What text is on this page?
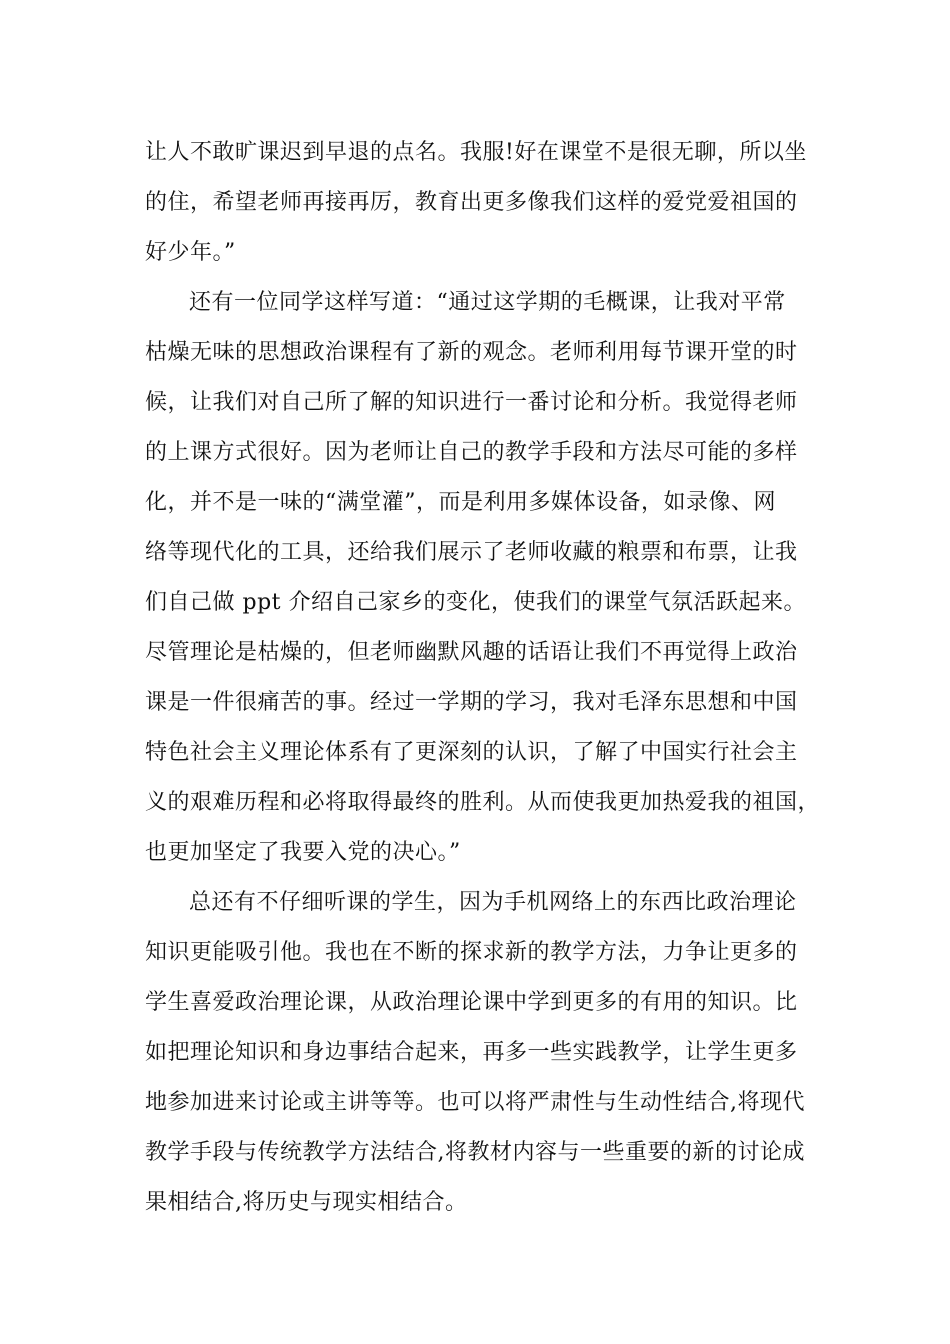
让人不敢旷课迟到早退的点名。我服!好在课堂不是很无聊，所以坐
的住，希望老师再接再厉，教育出更多像我们这样的爱党爱祖国的
好少年。”
还有一位同学这样写道：“通过这学期的毛概课，让我对平常
枯燥无味的思想政治课程有了新的观念。老师利用每节课开堂的时
候，让我们对自己所了解的知识进行一番讨论和分析。我觉得老师
的上课方式很好。因为老师让自己的教学手段和方法尽可能的多样
化，并不是一味的“满堂灌”，而是利用多媒体设备，如录像、网
络等现代化的工具，还给我们展示了老师收藏的粮票和布票，让我
们自己做 ppt 介绍自己家乡的变化，使我们的课堂气氛活跃起来。
尽管理论是枯燥的，但老师幽默风趣的话语让我们不再觉得上政治
课是一件很痛苦的事。经过一学期的学习，我对毛泽东思想和中国
特色社会主义理论体系有了更深刻的认识，了解了中国实行社会主
义的艰难历程和必将取得最终的胜利。从而使我更加热爱我的祖国，
也更加坚定了我要入党的决心。”
总还有不仔细听课的学生，因为手机网络上的东西比政治理论
知识更能吸引他。我也在不断的探求新的教学方法，力争让更多的
学生喜爱政治理论课，从政治理论课中学到更多的有用的知识。比
如把理论知识和身边事结合起来，再多一些实践教学，让学生更多
地参加进来讨论或主讲等等。也可以将严肃性与生动性结合,将现代
教学手段与传统教学方法结合,将教材内容与一些重要的新的讨论成
果相结合,将历史与现实相结合。
